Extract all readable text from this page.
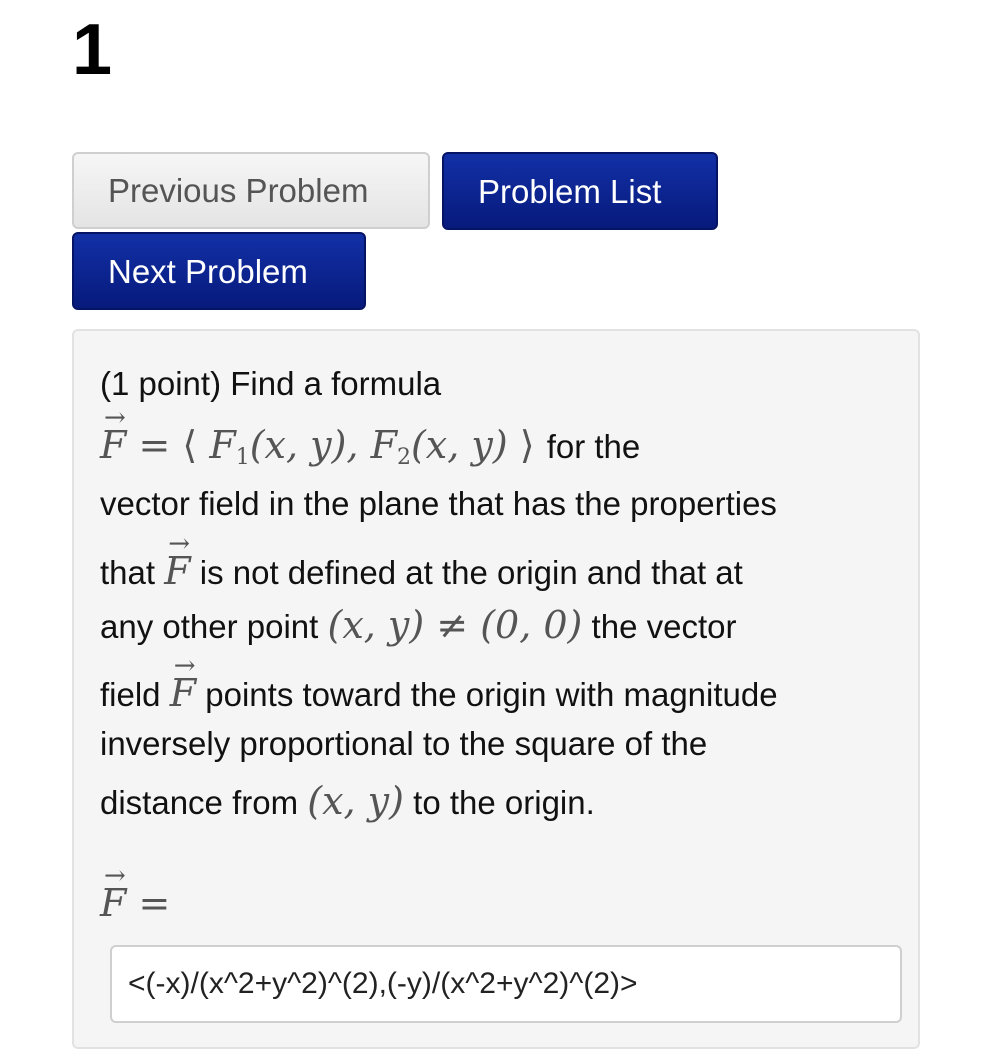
1
Previous Problem	Problem List
Next Problem
(1 point) Find a formula
→ F = ⟨ $F_1(x$, y), $F_2(x$, y) ⟩ for the
vector field in the plane that has the properties
that → F is not defined at the origin and that at
any other point (x, y) ≠ (0, 0) the vector
field → F points toward the origin with magnitude
inversely proportional to the square of the
distance from (x, y) to the origin.
→ F =
<(-x)/(x^2+y^2)^(2),(-y)/(x^2+y^2)^(2)>
